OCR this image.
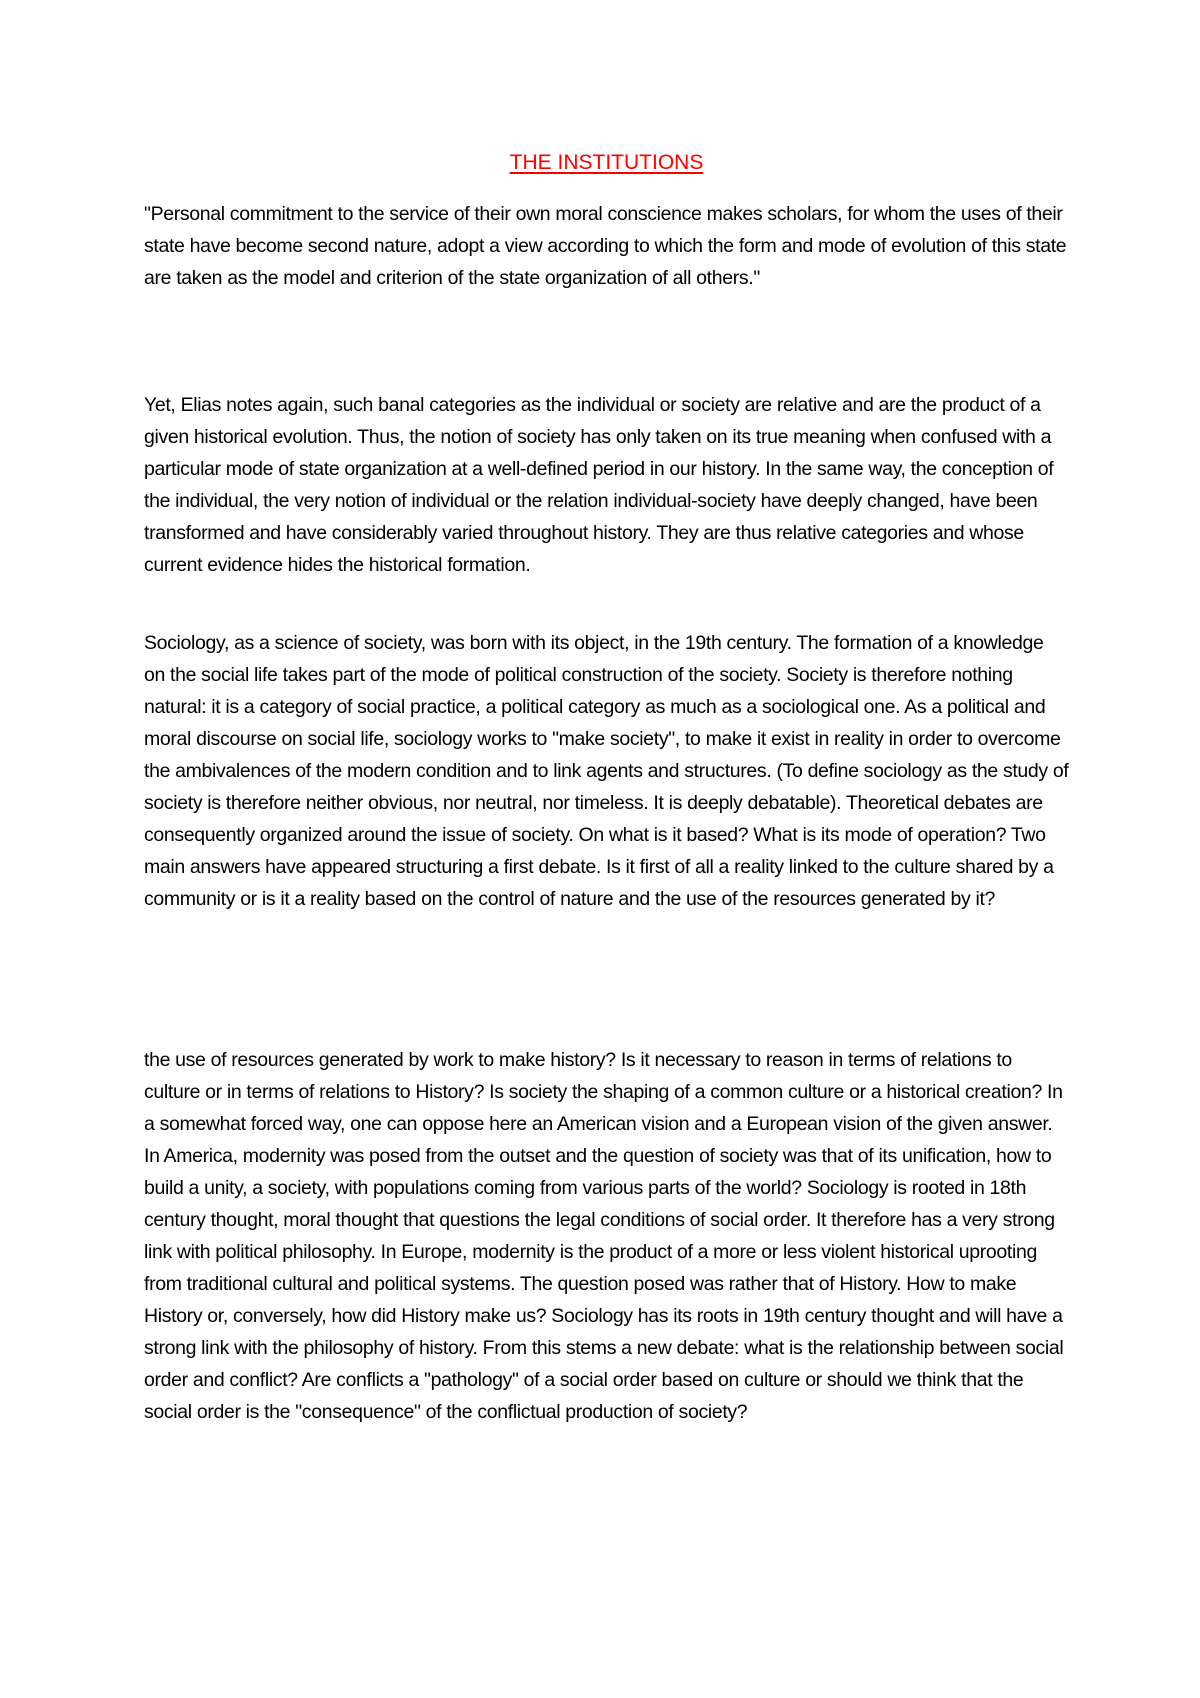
THE INSTITUTIONS

"Personal commitment to the service of their own moral conscience makes scholars, for whom the uses of their state have become second nature, adopt a view according to which the form and mode of evolution of this state are taken as the model and criterion of the state organization of all others."

Yet, Elias notes again, such banal categories as the individual or society are relative and are the product of a given historical evolution. Thus, the notion of society has only taken on its true meaning when confused with a particular mode of state organization at a well-defined period in our history. In the same way, the conception of the individual, the very notion of individual or the relation individual-society have deeply changed, have been transformed and have considerably varied throughout history. They are thus relative categories and whose current evidence hides the historical formation.

Sociology, as a science of society, was born with its object, in the 19th century. The formation of a knowledge on the social life takes part of the mode of political construction of the society. Society is therefore nothing natural: it is a category of social practice, a political category as much as a sociological one. As a political and moral discourse on social life, sociology works to "make society", to make it exist in reality in order to overcome the ambivalences of the modern condition and to link agents and structures. (To define sociology as the study of society is therefore neither obvious, nor neutral, nor timeless. It is deeply debatable). Theoretical debates are consequently organized around the issue of society. On what is it based? What is its mode of operation? Two main answers have appeared structuring a first debate. Is it first of all a reality linked to the culture shared by a community or is it a reality based on the control of nature and the use of the resources generated by it?

the use of resources generated by work to make history? Is it necessary to reason in terms of relations to culture or in terms of relations to History? Is society the shaping of a common culture or a historical creation? In a somewhat forced way, one can oppose here an American vision and a European vision of the given answer. In America, modernity was posed from the outset and the question of society was that of its unification, how to build a unity, a society, with populations coming from various parts of the world? Sociology is rooted in 18th century thought, moral thought that questions the legal conditions of social order. It therefore has a very strong link with political philosophy. In Europe, modernity is the product of a more or less violent historical uprooting from traditional cultural and political systems. The question posed was rather that of History. How to make History or, conversely, how did History make us? Sociology has its roots in 19th century thought and will have a strong link with the philosophy of history. From this stems a new debate: what is the relationship between social order and conflict? Are conflicts a "pathology" of a social order based on culture or should we think that the social order is the "consequence" of the conflictual production of society?
